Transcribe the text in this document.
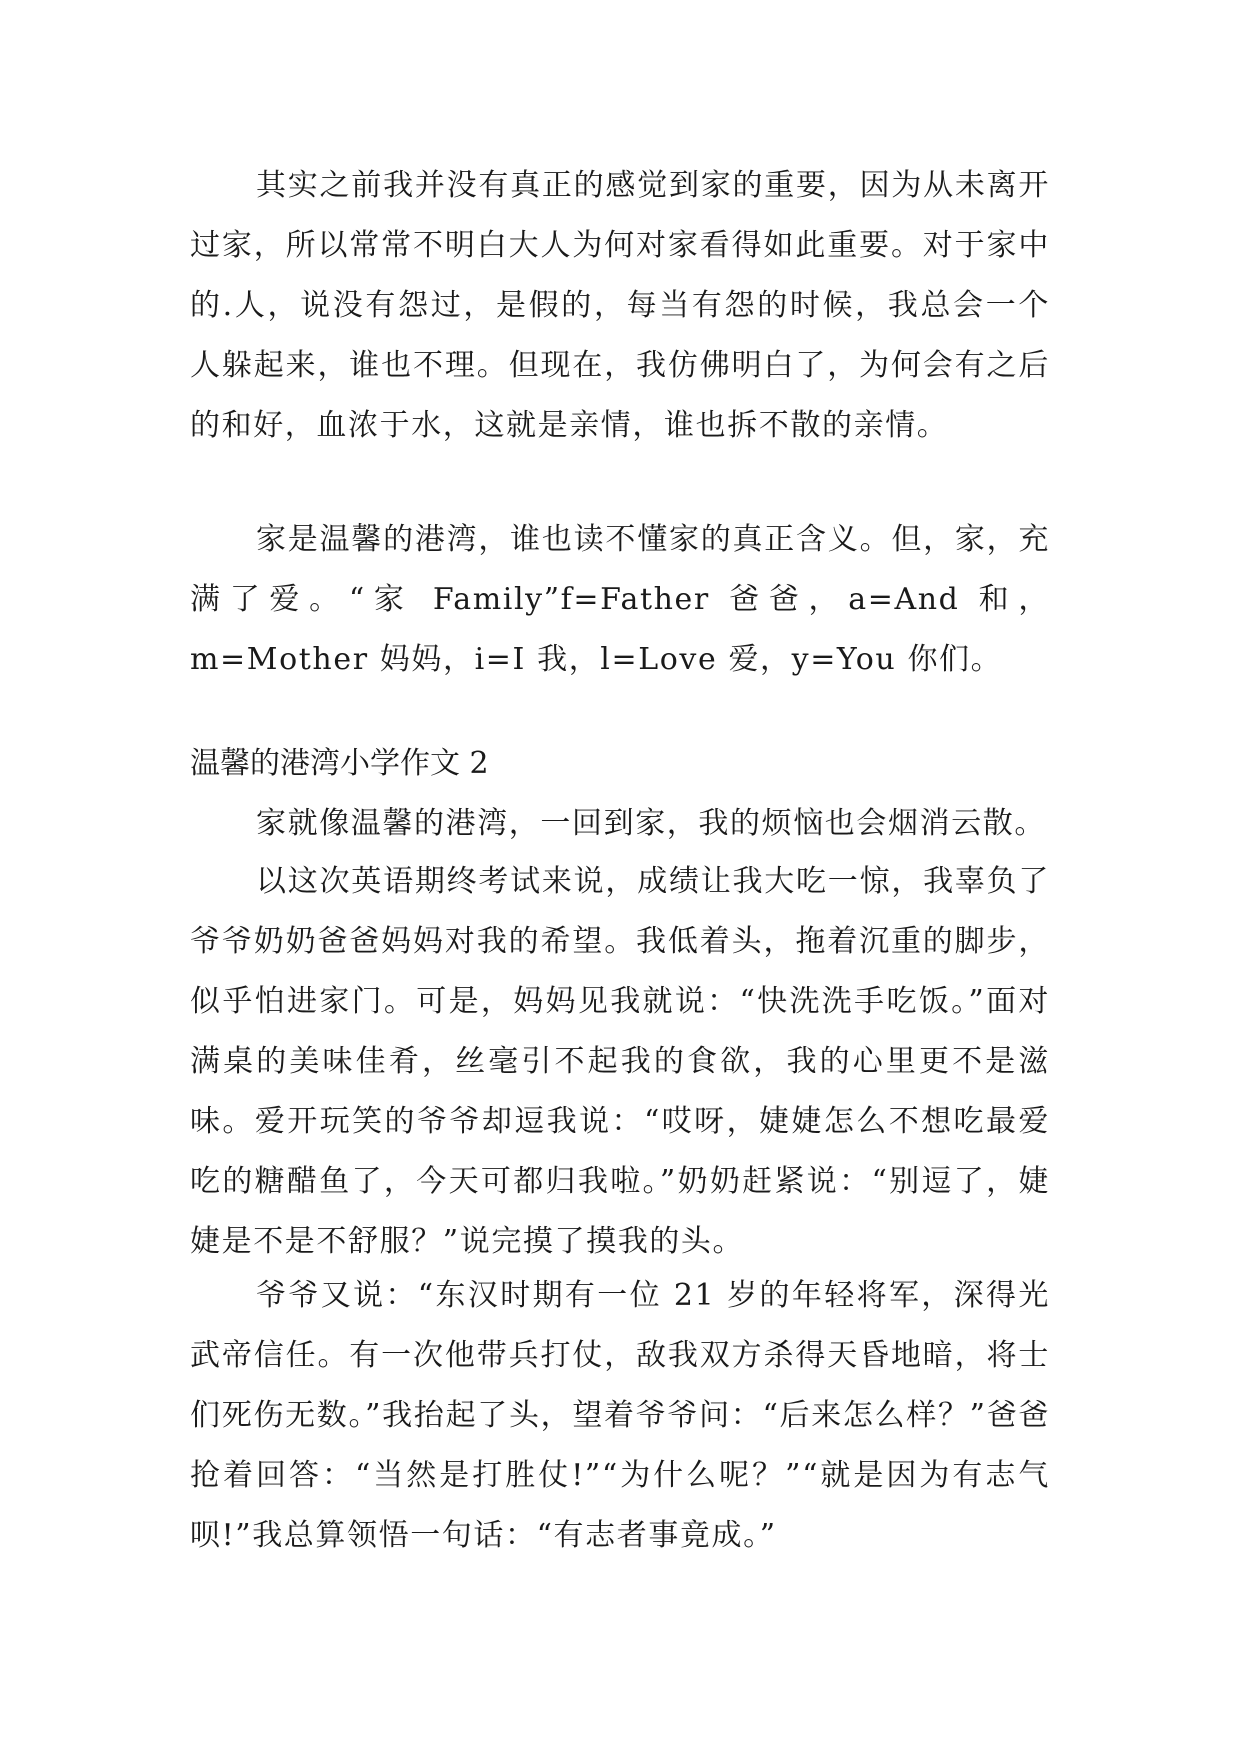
其实之前我并没有真正的感觉到家的重要，因为从未离开过家，所以常常不明白大人为何对家看得如此重要。对于家中的.人，说没有怨过，是假的，每当有怨的时候，我总会一个人躲起来，谁也不理。但现在，我仿佛明白了，为何会有之后的和好，血浓于水，这就是亲情，谁也拆不散的亲情。

家是温馨的港湾，谁也读不懂家的真正含义。但，家，充满了爱。“家 Family”f=Father 爸爸，a=And 和，m=Mother 妈妈，i=I 我，l=Love 爱，y=You 你们。

温馨的港湾小学作文 2

家就像温馨的港湾，一回到家，我的烦恼也会烟消云散。

以这次英语期终考试来说，成绩让我大吃一惊，我辜负了爷爷奶奶爸爸妈妈对我的希望。我低着头，拖着沉重的脚步，似乎怕进家门。可是，妈妈见我就说：“快洗洗手吃饭。”面对满桌的美味佳肴，丝毫引不起我的食欲，我的心里更不是滋味。爱开玩笑的爷爷却逗我说：“哎呀，婕婕怎么不想吃最爱吃的糖醋鱼了，今天可都归我啦。”奶奶赶紧说：“别逗了，婕婕是不是不舒服？”说完摸了摸我的头。

爷爷又说：“东汉时期有一位 21 岁的年轻将军，深得光武帝信任。有一次他带兵打仗，敌我双方杀得天昏地暗，将士们死伤无数。”我抬起了头，望着爷爷问：“后来怎么样？”爸爸抢着回答：“当然是打胜仗!”“为什么呢？”“就是因为有志气呗!”我总算领悟一句话：“有志者事竟成。”
